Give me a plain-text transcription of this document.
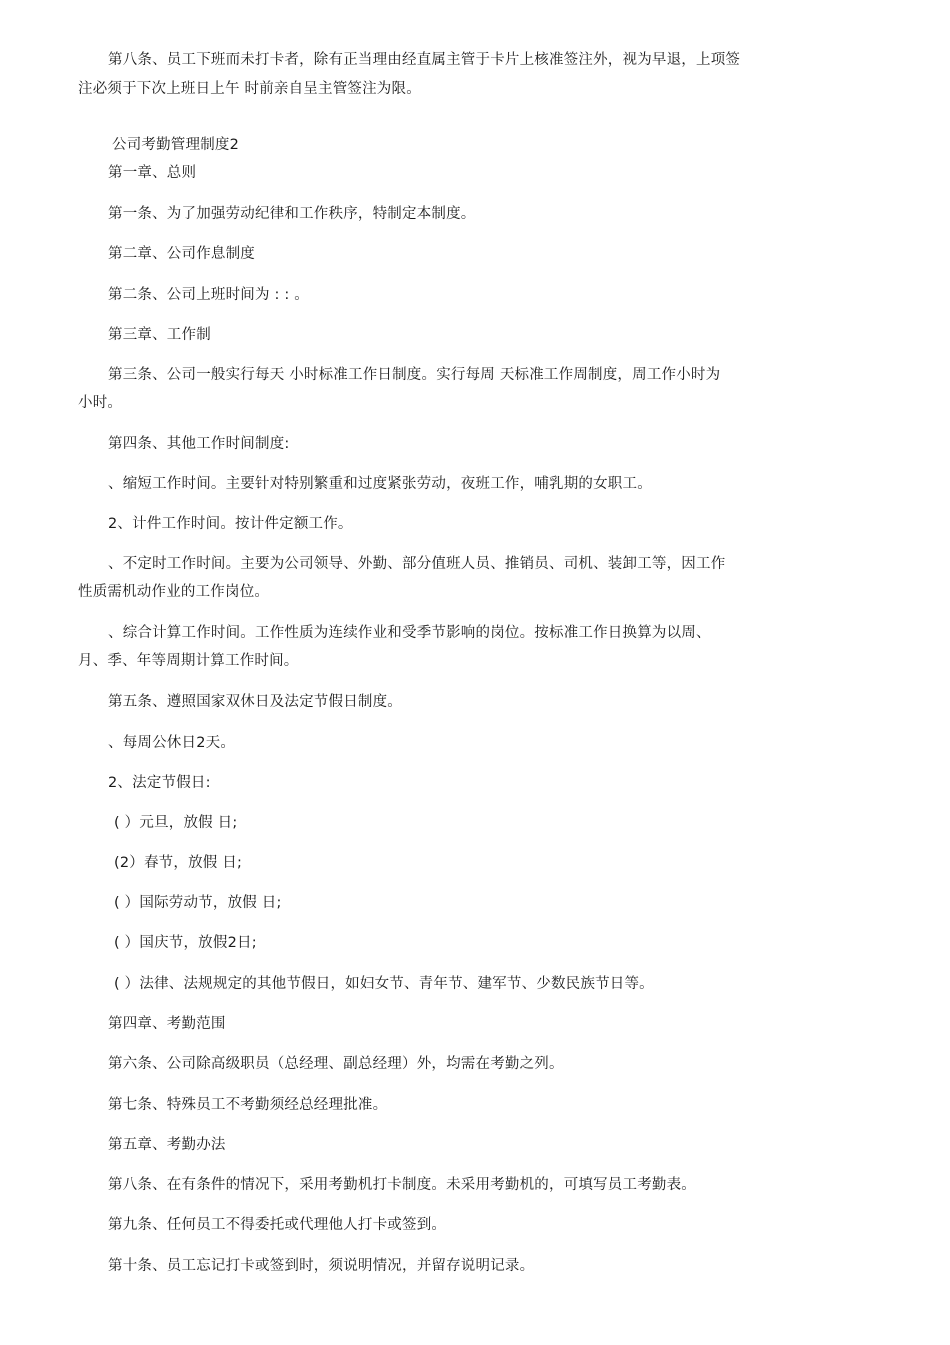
第八条、员工下班而未打卡者，除有正当理由经直属主管于卡片上核准签注外，视为早退，上项签
注必须于下次上班日上午 时前亲自呈主管签注为限。
公司考勤管理制度2
第一章、总则
第一条、为了加强劳动纪律和工作秩序，特制定本制度。
第二章、公司作息制度
第二条、公司上班时间为 : : 。
第三章、工作制
第三条、公司一般实行每天 小时标准工作日制度。实行每周 天标准工作周制度，周工作小时为
小时。
第四条、其他工作时间制度:
、缩短工作时间。主要针对特别繁重和过度紧张劳动，夜班工作，哺乳期的女职工。
2、计件工作时间。按计件定额工作。
、不定时工作时间。主要为公司领导、外勤、部分值班人员、推销员、司机、装卸工等，因工作
性质需机动作业的工作岗位。
、综合计算工作时间。工作性质为连续作业和受季节影响的岗位。按标准工作日换算为以周、
月、季、年等周期计算工作时间。
第五条、遵照国家双休日及法定节假日制度。
、每周公休日2天。
2、法定节假日:
( ）元旦，放假 日;
(2）春节，放假 日;
( ）国际劳动节，放假 日;
( ）国庆节，放假2日;
( ）法律、法规规定的其他节假日，如妇女节、青年节、建军节、少数民族节日等。
第四章、考勤范围
第六条、公司除高级职员（总经理、副总经理）外，均需在考勤之列。
第七条、特殊员工不考勤须经总经理批准。
第五章、考勤办法
第八条、在有条件的情况下，采用考勤机打卡制度。未采用考勤机的，可填写员工考勤表。
第九条、任何员工不得委托或代理他人打卡或签到。
第十条、员工忘记打卡或签到时，须说明情况，并留存说明记录。
